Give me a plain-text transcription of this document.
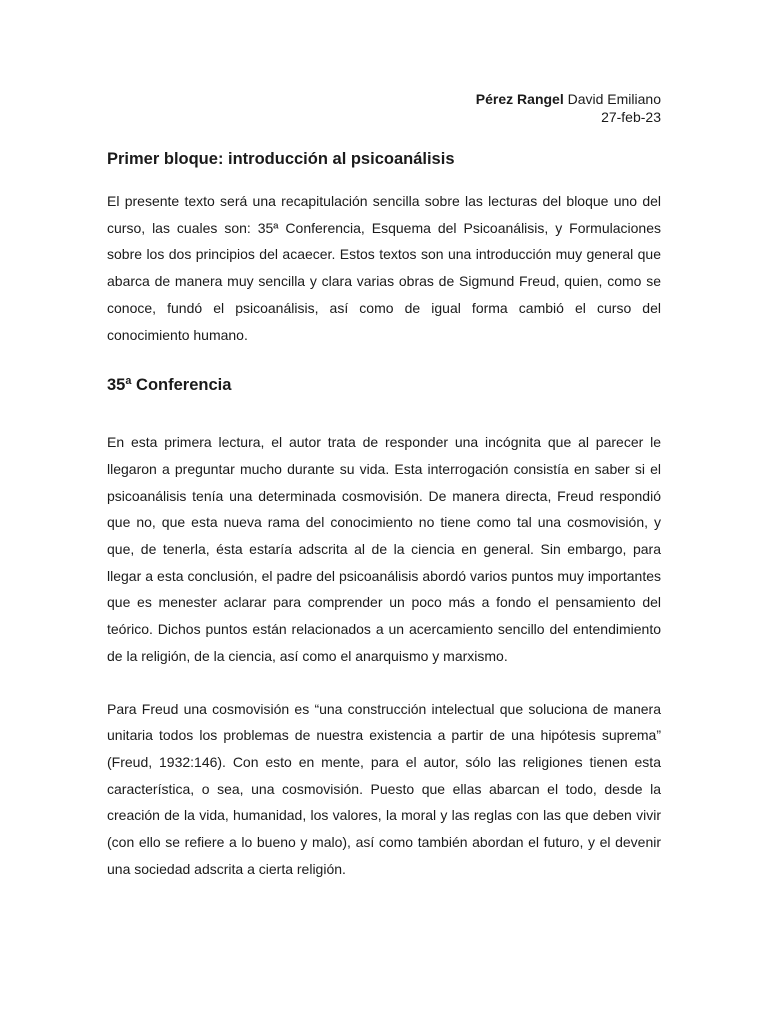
Pérez Rangel David Emiliano
27-feb-23
Primer bloque: introducción al psicoanálisis

El presente texto será una recapitulación sencilla sobre las lecturas del bloque uno del curso, las cuales son: 35ª Conferencia, Esquema del Psicoanálisis, y Formulaciones sobre los dos principios del acaecer. Estos textos son una introducción muy general que abarca de manera muy sencilla y clara varias obras de Sigmund Freud, quien, como se conoce, fundó el psicoanálisis, así como de igual forma cambió el curso del conocimiento humano.

35ª Conferencia

En esta primera lectura, el autor trata de responder una incógnita que al parecer le llegaron a preguntar mucho durante su vida. Esta interrogación consistía en saber si el psicoanálisis tenía una determinada cosmovisión. De manera directa, Freud respondió que no, que esta nueva rama del conocimiento no tiene como tal una cosmovisión, y que, de tenerla, ésta estaría adscrita al de la ciencia en general. Sin embargo, para llegar a esta conclusión, el padre del psicoanálisis abordó varios puntos muy importantes que es menester aclarar para comprender un poco más a fondo el pensamiento del teórico. Dichos puntos están relacionados a un acercamiento sencillo del entendimiento de la religión, de la ciencia, así como el anarquismo y marxismo.

Para Freud una cosmovisión es “una construcción intelectual que soluciona de manera unitaria todos los problemas de nuestra existencia a partir de una hipótesis suprema” (Freud, 1932:146). Con esto en mente, para el autor, sólo las religiones tienen esta característica, o sea, una cosmovisión. Puesto que ellas abarcan el todo, desde la creación de la vida, humanidad, los valores, la moral y las reglas con las que deben vivir (con ello se refiere a lo bueno y malo), así como también abordan el futuro, y el devenir una sociedad adscrita a cierta religión.
